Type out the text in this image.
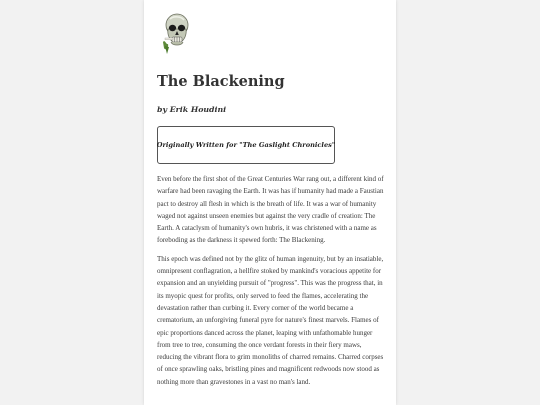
The Blackening
by Erik Houdini
Originally Written for "The Gaslight Chronicles"

Even before the first shot of the Great Centuries War rang out, a different kind of warfare had been ravaging the Earth. It was has if humanity had made a Faustian pact to destroy all flesh in which is the breath of life. It was a war of humanity waged not against unseen enemies but against the very cradle of creation: The Earth. A cataclysm of humanity's own hubris, it was christened with a name as foreboding as the darkness it spewed forth: The Blackening.

This epoch was defined not by the glitz of human ingenuity, but by an insatiable, omnipresent conflagration, a hellfire stoked by mankind's voracious appetite for expansion and an unyielding pursuit of "progress". This was the progress that, in its myopic quest for profits, only served to feed the flames, accelerating the devastation rather than curbing it. Every corner of the world became a crematorium, an unforgiving funeral pyre for nature's finest marvels. Flames of epic proportions danced across the planet, leaping with unfathomable hunger from tree to tree, consuming the once verdant forests in their fiery maws, reducing the vibrant flora to grim monoliths of charred remains. Charred corpses of once sprawling oaks, bristling pines and magnificent redwoods now stood as nothing more than gravestones in a vast no man's land.
